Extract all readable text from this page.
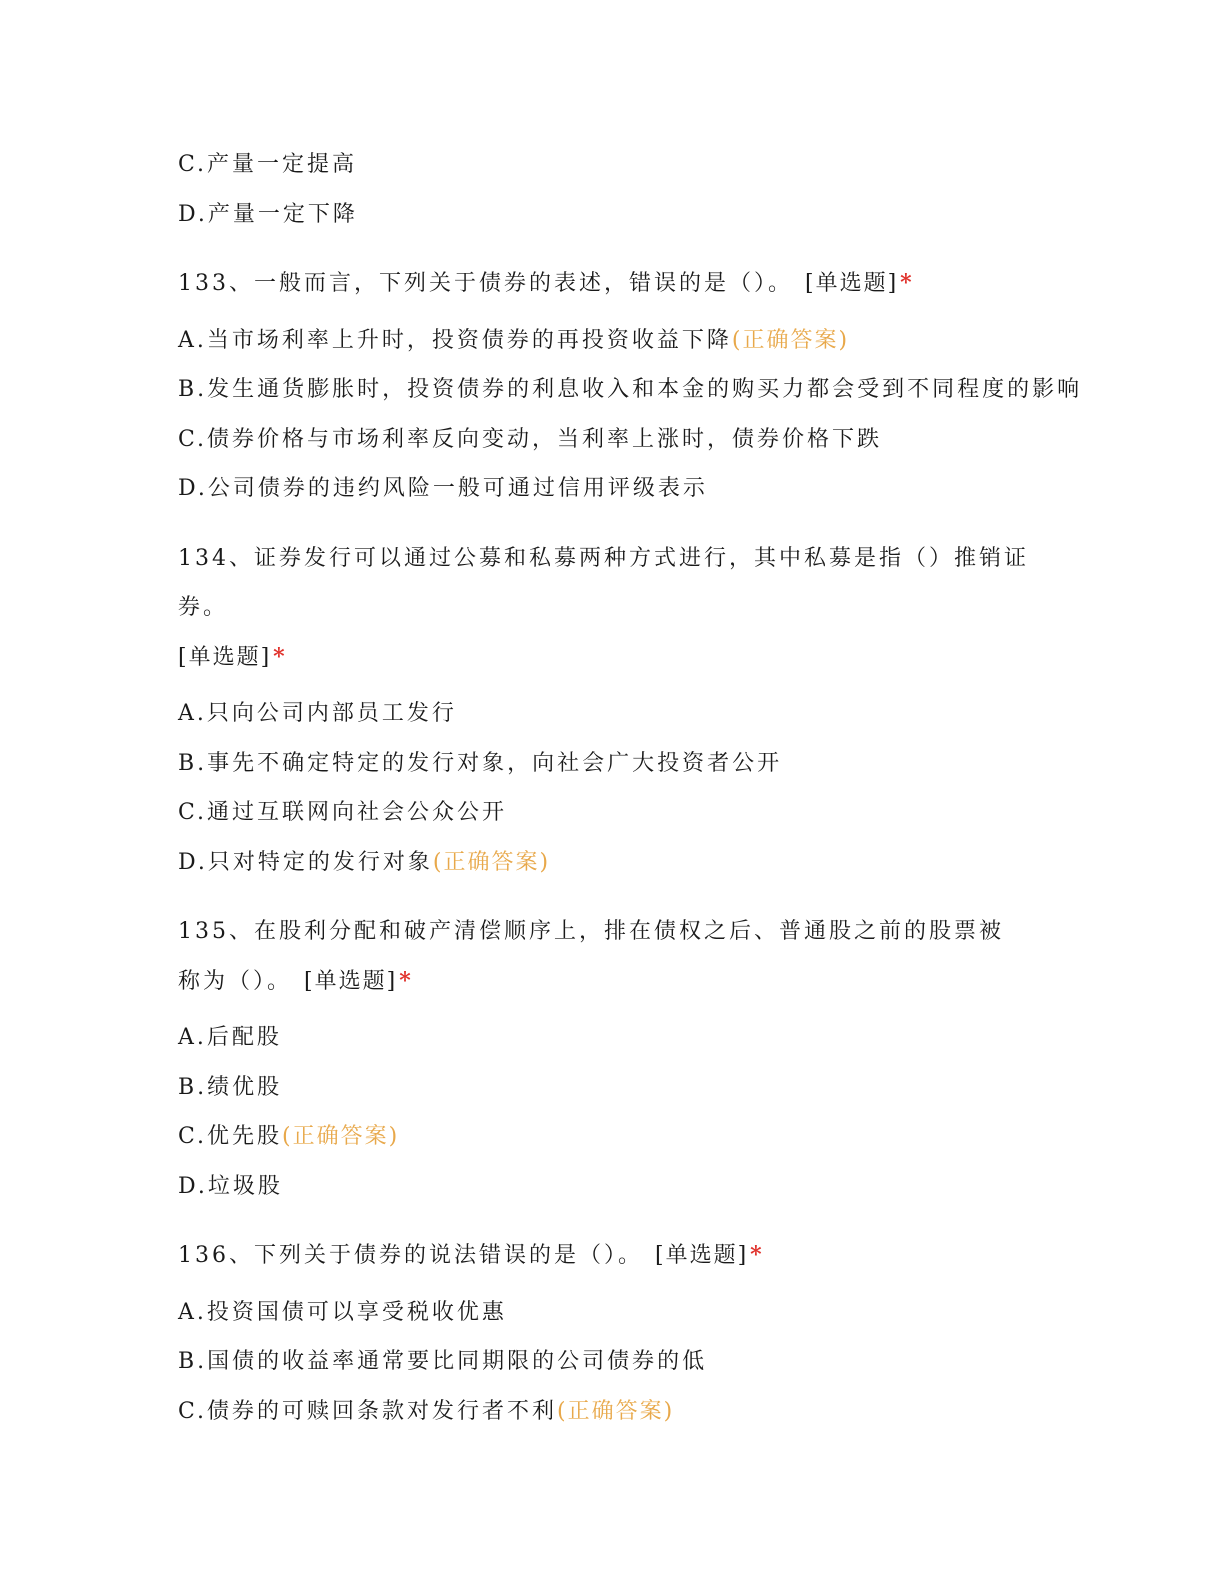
C.产量一定提高
D.产量一定下降
133、一般而言，下列关于债券的表述，错误的是（）。 [单选题]*
A.当市场利率上升时，投资债券的再投资收益下降(正确答案)
B.发生通货膨胀时，投资债券的利息收入和本金的购买力都会受到不同程度的影响
C.债券价格与市场利率反向变动，当利率上涨时，债券价格下跌
D.公司债券的违约风险一般可通过信用评级表示
134、证券发行可以通过公募和私募两种方式进行，其中私募是指（）推销证券。
[单选题]*
A.只向公司内部员工发行
B.事先不确定特定的发行对象，向社会广大投资者公开
C.通过互联网向社会公众公开
D.只对特定的发行对象(正确答案)
135、在股利分配和破产清偿顺序上，排在债权之后、普通股之前的股票被称为（）。 [单选题]*
A.后配股
B.绩优股
C.优先股(正确答案)
D.垃圾股
136、下列关于债券的说法错误的是（）。 [单选题]*
A.投资国债可以享受税收优惠
B.国债的收益率通常要比同期限的公司债券的低
C.债券的可赎回条款对发行者不利(正确答案)
